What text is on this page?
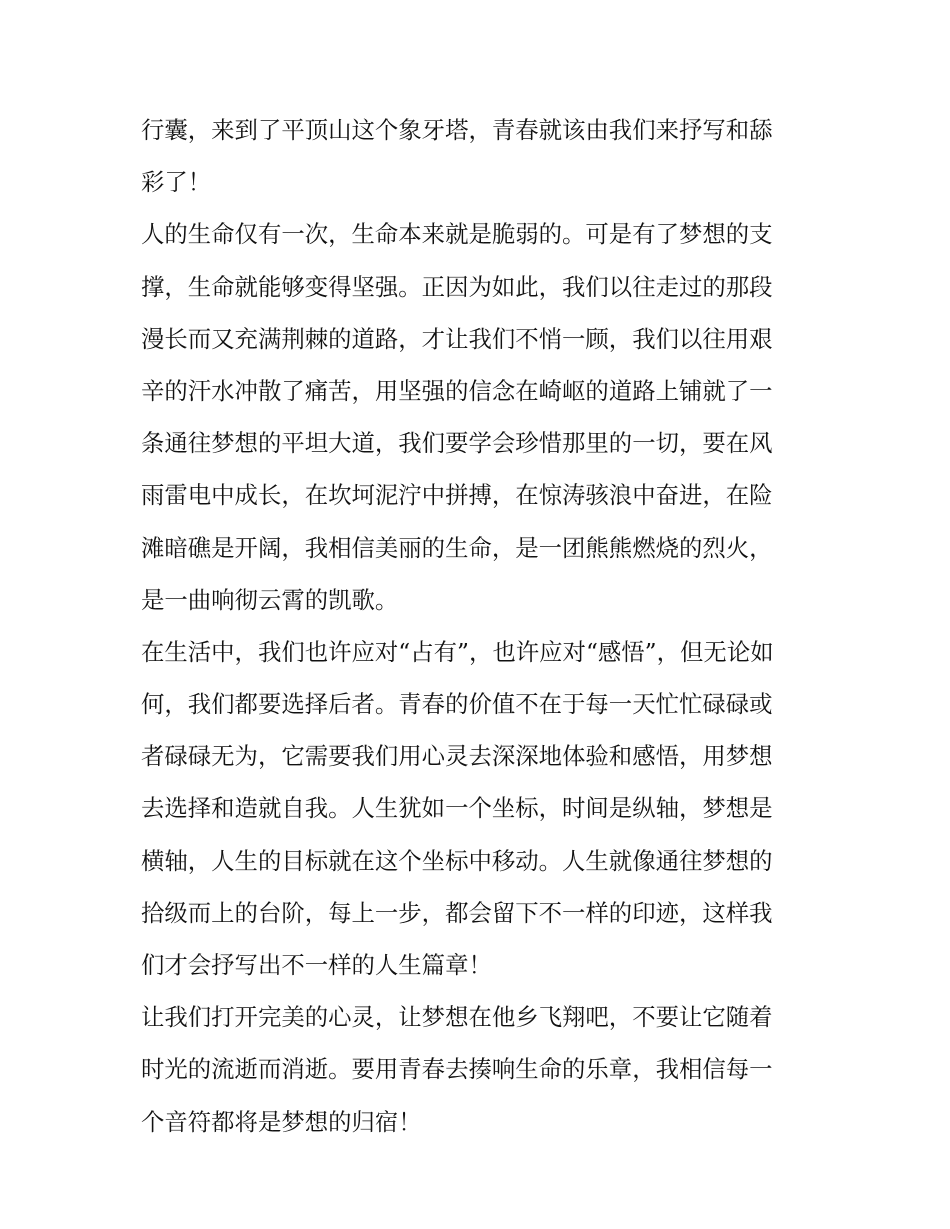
行囊，来到了平顶山这个象牙塔，青春就该由我们来抒写和舔
彩了！
人的生命仅有一次，生命本来就是脆弱的。可是有了梦想的支
撑，生命就能够变得坚强。正因为如此，我们以往走过的那段
漫长而又充满荆棘的道路，才让我们不悄一顾，我们以往用艰
辛的汗水冲散了痛苦，用坚强的信念在崎岖的道路上铺就了一
条通往梦想的平坦大道，我们要学会珍惜那里的一切，要在风
雨雷电中成长，在坎坷泥泞中拼搏，在惊涛骇浪中奋进，在险
滩暗礁是开阔，我相信美丽的生命，是一团熊熊燃烧的烈火，
是一曲响彻云霄的凯歌。
在生活中，我们也许应对“占有”，也许应对“感悟”，但无论如
何，我们都要选择后者。青春的价值不在于每一天忙忙碌碌或
者碌碌无为，它需要我们用心灵去深深地体验和感悟，用梦想
去选择和造就自我。人生犹如一个坐标，时间是纵轴，梦想是
横轴，人生的目标就在这个坐标中移动。人生就像通往梦想的
拾级而上的台阶，每上一步，都会留下不一样的印迹，这样我
们才会抒写出不一样的人生篇章！
让我们打开完美的心灵，让梦想在他乡飞翔吧，不要让它随着
时光的流逝而消逝。要用青春去揍响生命的乐章，我相信每一
个音符都将是梦想的归宿！
